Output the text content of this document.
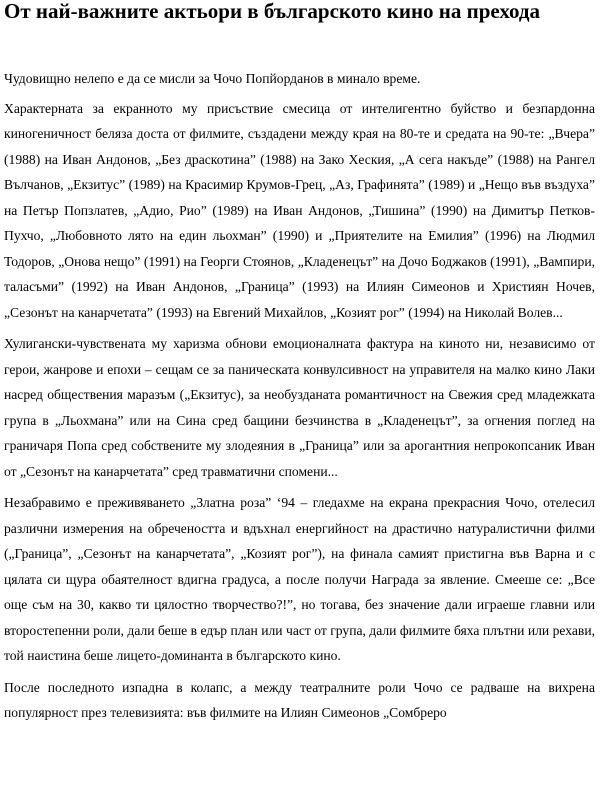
От най-важните актьори в българското кино на прехода

Чудовищно нелепо е да се мисли за Чочо Попйорданов в минало време.

Характерната за екранното му присъствие смесица от интелигентно буйство и безпардонна киногеничност беляза доста от филмите, създадени между края на 80-те и средата на 90-те: „Вчера” (1988) на Иван Андонов, „Без драскотина” (1988) на Зако Хеския, „А сега накъде” (1988) на Рангел Вълчанов, „Екзитус” (1989) на Красимир Крумов-Грец, „Аз, Графинята” (1989) и „Нещо във въздуха” на Петър Попзлатев, „Адио, Рио” (1989) на Иван Андонов, „Тишина” (1990) на Димитър Петков-Пухчо, „Любовното лято на един льохман” (1990) и „Приятелите на Емилия” (1996) на Людмил Тодоров, „Онова нещо” (1991) на Георги Стоянов, „Кладенецът” на Дочо Боджаков (1991), „Вампири, таласъми” (1992) на Иван Андонов, „Граница” (1993) на Илиян Симеонов и Християн Ночев, „Сезонът на канарчетата” (1993) на Евгений Михайлов, „Козият рог” (1994) на Николай Волев...

Хулигански-чувствената му харизма обнови емоционалната фактура на киното ни, независимо от герои, жанрове и епохи – сещам се за паническата конвулсивност на управителя на малко кино Лаки насред обществения маразъм („Екзитус), за необузданата романтичност на Свежия сред младежката група в „Льохмана” или на Сина сред бащини безчинства в „Кладенецът”, за огнения поглед на граничаря Попа сред собствените му злодеяния в „Граница” или за арогантния непрокопсаник Иван от „Сезонът на канарчетата” сред травматични спомени...

Незабравимо е преживяването „Златна роза” ‘94 – гледахме на екрана прекрасния Чочо, отелесил различни измерения на обречеността и вдъхнал енергийност на драстично натуралистични филми („Граница”, „Сезонът на канарчетата”, „Козият рог”), на финала самият пристигна във Варна и с цялата си щура обаятелност вдигна градуса, а после получи Награда за явление. Смееше се: „Все още съм на 30, какво ти цялостно творчество?!”, но тогава, без значение дали играеше главни или второстепенни роли, дали беше в едър план или част от група, дали филмите бяха плътни или рехави, той наистина беше лицето-доминанта в българското кино.

После последното изпадна в колапс, а между театралните роли Чочо се радваше на вихрена популярност през телевизията: във филмите на Илиян Симеонов „Сомбреро
